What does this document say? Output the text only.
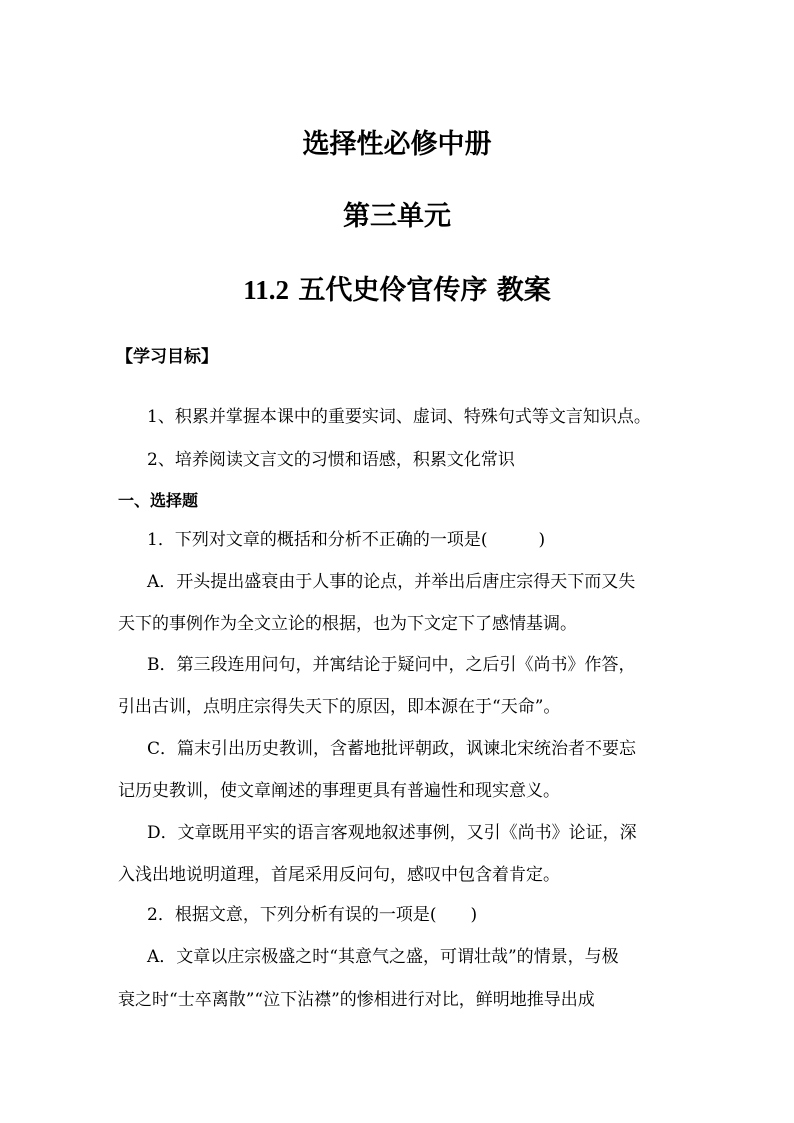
选择性必修中册
第三单元
11.2 五代史伶官传序 教案
【学习目标】
1、积累并掌握本课中的重要实词、虚词、特殊句式等文言知识点。
2、培养阅读文言文的习惯和语感，积累文化常识
一、选择题
1．下列对文章的概括和分析不正确的一项是(　　　)
A．开头提出盛衰由于人事的论点，并举出后唐庄宗得天下而又失
天下的事例作为全文立论的根据，也为下文定下了感情基调。
B．第三段连用问句，并寓结论于疑问中，之后引《尚书》作答，
引出古训，点明庄宗得失天下的原因，即本源在于“天命”。
C．篇末引出历史教训，含蓄地批评朝政，讽谏北宋统治者不要忘
记历史教训，使文章阐述的事理更具有普遍性和现实意义。
D．文章既用平实的语言客观地叙述事例，又引《尚书》论证，深
入浅出地说明道理，首尾采用反问句，感叹中包含着肯定。
2．根据文意，下列分析有误的一项是(　　)
A．文章以庄宗极盛之时“其意气之盛，可谓壮哉”的情景，与极
衰之时“士卒离散”“泣下沾襟”的惨相进行对比，鲜明地推导出成
